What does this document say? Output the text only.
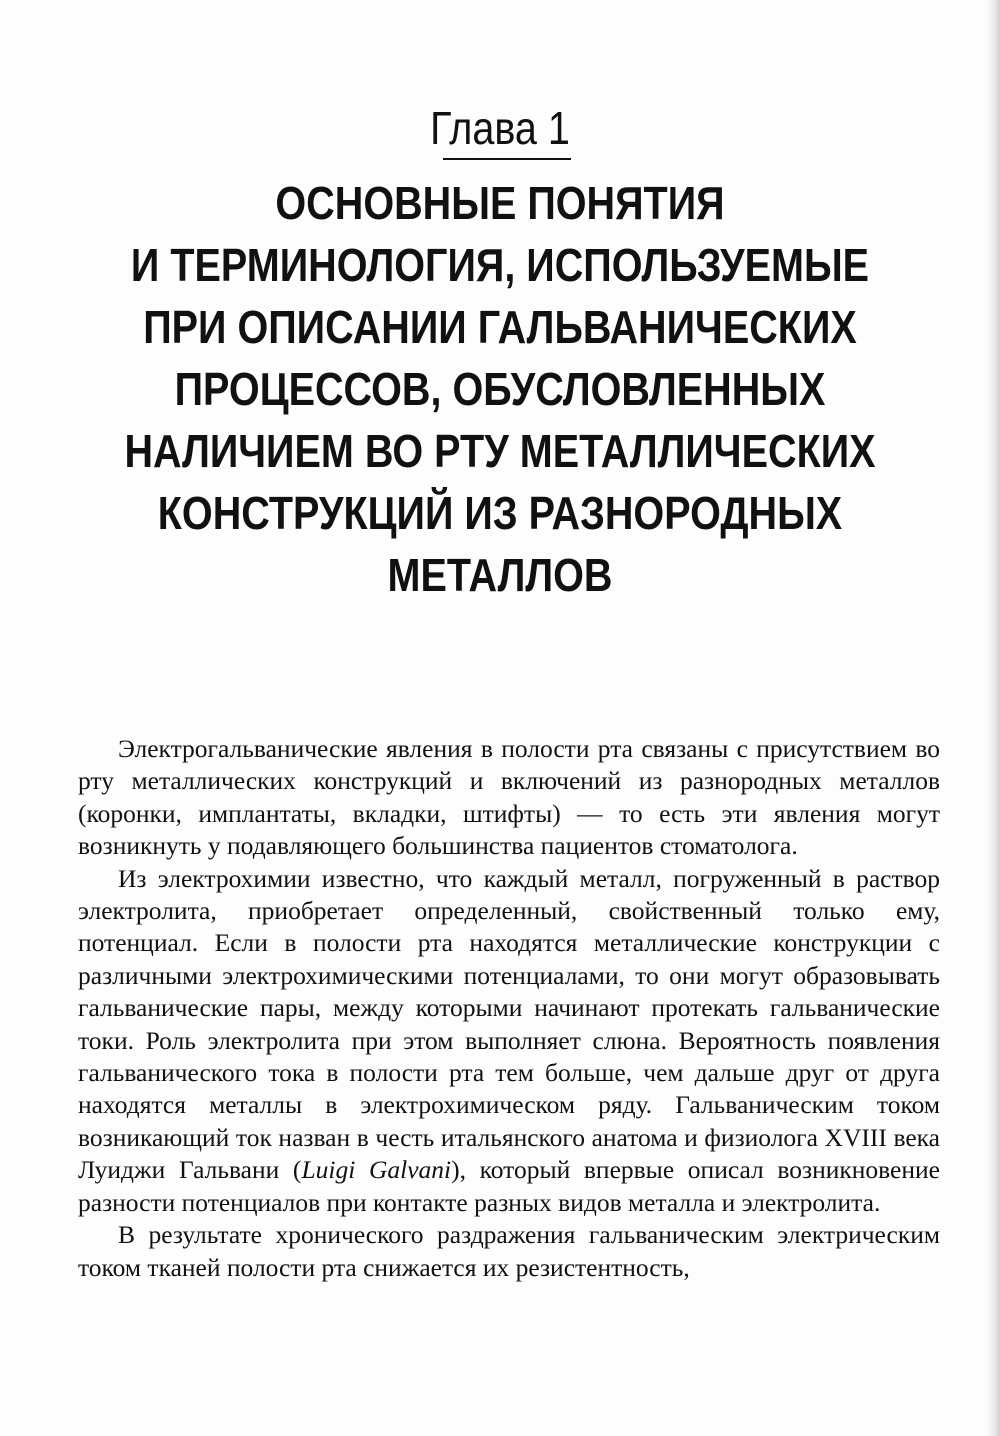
Глава 1
ОСНОВНЫЕ ПОНЯТИЯ
И ТЕРМИНОЛОГИЯ, ИСПОЛЬЗУЕМЫЕ
ПРИ ОПИСАНИИ ГАЛЬВАНИЧЕСКИХ
ПРОЦЕССОВ, ОБУСЛОВЛЕННЫХ
НАЛИЧИЕМ ВО РТУ МЕТАЛЛИЧЕСКИХ
КОНСТРУКЦИЙ ИЗ РАЗНОРОДНЫХ
МЕТАЛЛОВ

Электрогальванические явления в полости рта связаны с присутствием во рту металлических конструкций и включений из разнородных металлов (коронки, имплантаты, вкладки, штифты) — то есть эти явления могут возникнуть у подавляющего большинства пациентов стоматолога.

Из электрохимии известно, что каждый металл, погруженный в раствор электролита, приобретает определенный, свойственный только ему, потенциал. Если в полости рта находятся металлические конструкции с различными электрохимическими потенциалами, то они могут образовывать гальванические пары, между которыми начинают протекать гальванические токи. Роль электролита при этом выполняет слюна. Вероятность появления гальванического тока в полости рта тем больше, чем дальше друг от друга находятся металлы в электрохимическом ряду. Гальваническим током возникающий ток назван в честь итальянского анатома и физиолога XVIII века Луиджи Гальвани (Luigi Galvani), который впервые описал возникновение разности потенциалов при контакте разных видов металла и электролита.

В результате хронического раздражения гальваническим электрическим током тканей полости рта снижается их резистентность,
